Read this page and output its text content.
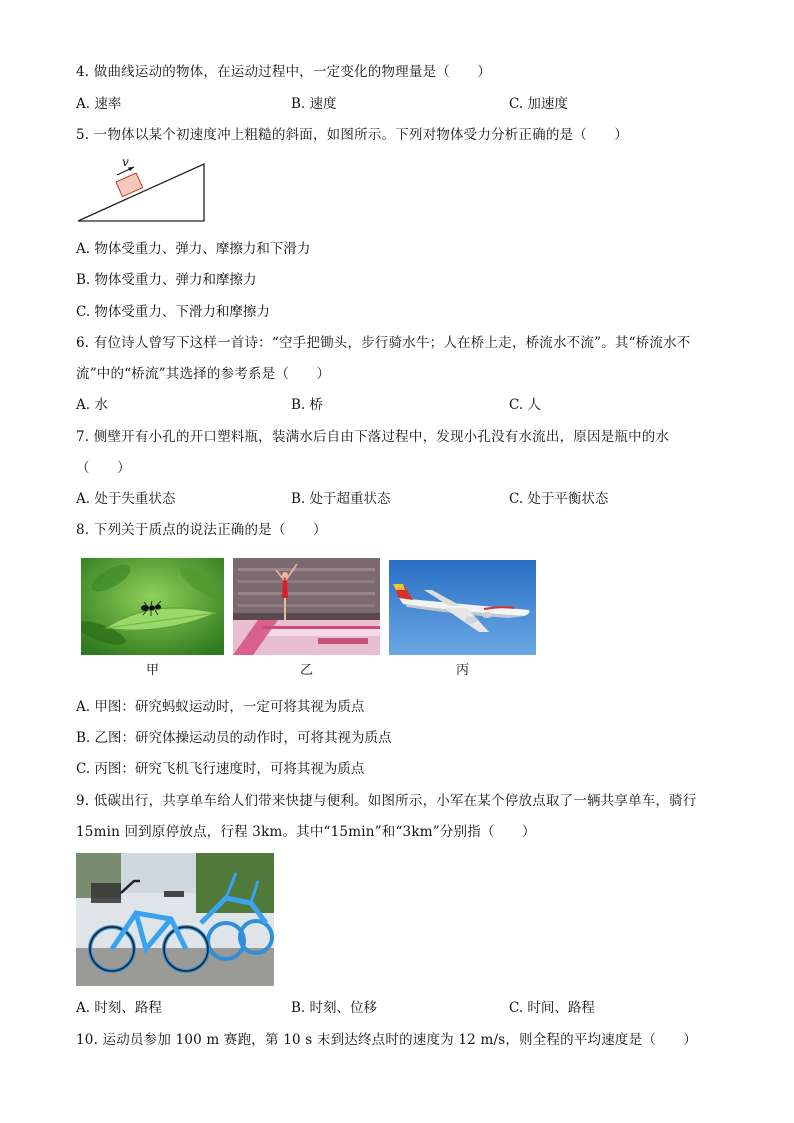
4. 做曲线运动的物体，在运动过程中，一定变化的物理量是（　　）
A. 速率	B. 速度	C. 加速度
5. 一物体以某个初速度冲上粗糙的斜面，如图所示。下列对物体受力分析正确的是（　　）
v
A. 物体受重力、弹力、摩擦力和下滑力
B. 物体受重力、弹力和摩擦力
C. 物体受重力、下滑力和摩擦力
6. 有位诗人曾写下这样一首诗：“空手把锄头，步行骑水牛；人在桥上走，桥流水不流”。其“桥流水不
流”中的“桥流”其选择的参考系是（　　）
A. 水	B. 桥	C. 人
7. 侧壁开有小孔的开口塑料瓶，装满水后自由下落过程中，发现小孔没有水流出，原因是瓶中的水
（　　）
A. 处于失重状态	B. 处于超重状态	C. 处于平衡状态
8. 下列关于质点的说法正确的是（　　）
甲	乙	丙
A. 甲图：研究蚂蚁运动时，一定可将其视为质点
B. 乙图：研究体操运动员的动作时，可将其视为质点
C. 丙图：研究飞机飞行速度时，可将其视为质点
9. 低碳出行，共享单车给人们带来快捷与便利。如图所示，小军在某个停放点取了一辆共享单车，骑行
15min 回到原停放点，行程 3km。其中“15min”和“3km”分别指（　　）
A. 时刻、路程	B. 时刻、位移	C. 时间、路程
10. 运动员参加 100 m 赛跑，第 10 s 末到达终点时的速度为 12 m/s，则全程的平均速度是（　　）
